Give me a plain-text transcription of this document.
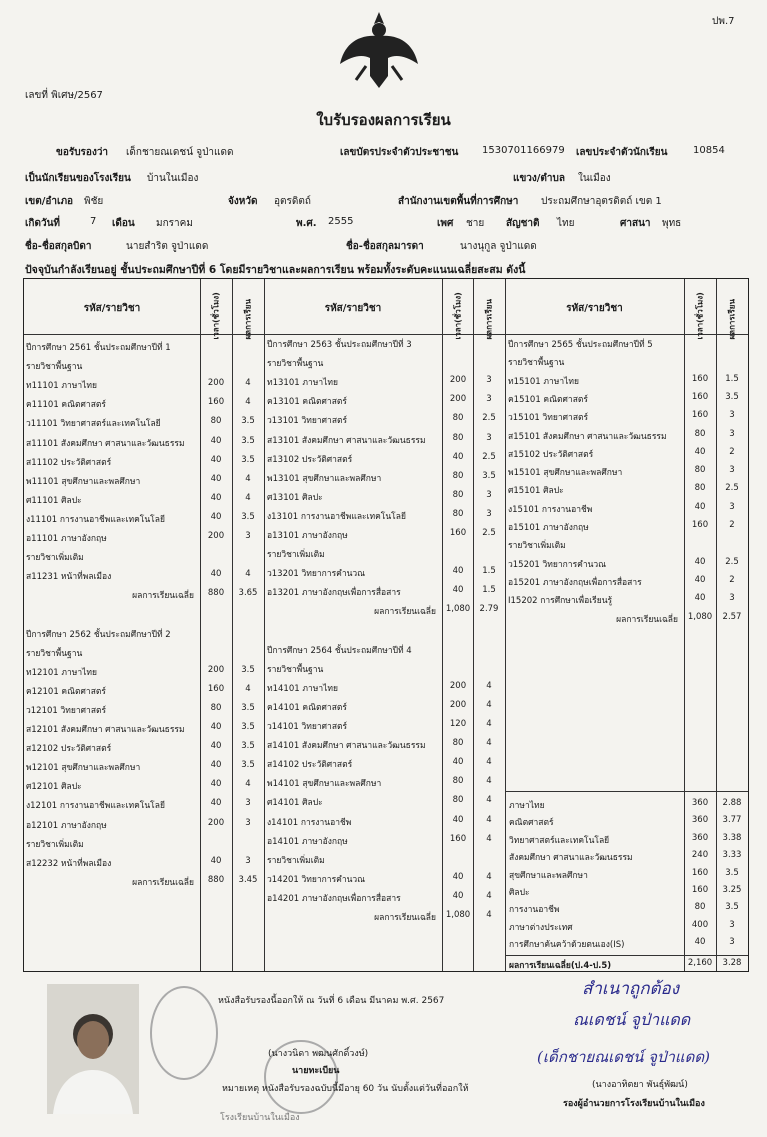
ปพ.7
เลขที่ พิเศษ/2567
ใบรับรองผลการเรียน
ขอรับรองว่า เด็กชายณเดชน์ จูป่าแดด	เลขบัตรประจำตัวประชาชน 1530701166979 เลขประจำตัวนักเรียน	10854
เป็นนักเรียนของโรงเรียน บ้านในเมือง	แขวง/ตำบล ในเมือง
เขต/อำเภอ พิชัย	จังหวัด อุตรดิตถ์	สำนักงานเขตพื้นที่การศึกษา ประถมศึกษาอุตรดิตถ์ เขต 1
เกิดวันที่	7 เดือน มกราคม	พ.ศ. 2555	เพศ ชาย สัญชาติ ไทย	ศาสนา พุทธ
ชื่อ-ชื่อสกุลบิดา	นายสำริต จูป่าแดด	ชื่อ-ชื่อสกุลมารดา	นางนุกูล จูป่าแดด
ปัจจุบันกำลังเรียนอยู่ ชั้นประถมศึกษาปีที่ 6 โดยมีรายวิชาและผลการเรียน พร้อมทั้งระดับคะแนนเฉลี่ยสะสม ดังนี้
รหัส/รายวิชา	เวลา(ชั่วโมง)	ผลการเรียน	รหัส/รายวิชา	เวลา(ชั่วโมง)	ผลการเรียน	รหัส/รายวิชา	เวลา(ชั่วโมง)	ผลการเรียน
ปีการศึกษา 2561 ชั้นประถมศึกษาปีที่ 1
รายวิชาพื้นฐาน
ท11101 ภาษาไทย	200	4
ค11101 คณิตศาสตร์	160	4
ว11101 วิทยาศาสตร์และเทคโนโลยี	80	3.5
ส11101 สังคมศึกษา ศาสนาและวัฒนธรรม	40	3.5
ส11102 ประวัติศาสตร์	40	3.5
พ11101 สุขศึกษาและพลศึกษา	40	4
ศ11101 ศิลปะ	40	4
ง11101 การงานอาชีพและเทคโนโลยี	40	3.5
อ11101 ภาษาอังกฤษ	200	3
รายวิชาเพิ่มเติม
ส11231 หน้าที่พลเมือง	40	4
ผลการเรียนเฉลี่ย	880	3.65
ปีการศึกษา 2562 ชั้นประถมศึกษาปีที่ 2
รายวิชาพื้นฐาน
ท12101 ภาษาไทย	200	3.5
ค12101 คณิตศาสตร์	160	4
ว12101 วิทยาศาสตร์	80	3.5
ส12101 สังคมศึกษา ศาสนาและวัฒนธรรม	40	3.5
ส12102 ประวัติศาสตร์	40	3.5
พ12101 สุขศึกษาและพลศึกษา	40	3.5
ศ12101 ศิลปะ	40	4
ง12101 การงานอาชีพและเทคโนโลยี	40	3
อ12101 ภาษาอังกฤษ	200	3
รายวิชาเพิ่มเติม
ส12232 หน้าที่พลเมือง	40	3
ผลการเรียนเฉลี่ย	880	3.45
ปีการศึกษา 2563 ชั้นประถมศึกษาปีที่ 3
รายวิชาพื้นฐาน
ท13101 ภาษาไทย	200	3
ค13101 คณิตศาสตร์	200	3
ว13101 วิทยาศาสตร์	80	2.5
ส13101 สังคมศึกษา ศาสนาและวัฒนธรรม	80	3
ส13102 ประวัติศาสตร์	40	2.5
พ13101 สุขศึกษาและพลศึกษา	80	3.5
ศ13101 ศิลปะ	80	3
ง13101 การงานอาชีพและเทคโนโลยี	80	3
อ13101 ภาษาอังกฤษ	160	2.5
รายวิชาเพิ่มเติม
ว13201 วิทยาการคำนวณ	40	1.5
อ13201 ภาษาอังกฤษเพื่อการสื่อสาร	40	1.5
ผลการเรียนเฉลี่ย	1,080	2.79
ปีการศึกษา 2564 ชั้นประถมศึกษาปีที่ 4
รายวิชาพื้นฐาน
ท14101 ภาษาไทย	200	4
ค14101 คณิตศาสตร์	200	4
ว14101 วิทยาศาสตร์	120	4
ส14101 สังคมศึกษา ศาสนาและวัฒนธรรม	80	4
ส14102 ประวัติศาสตร์	40	4
พ14101 สุขศึกษาและพลศึกษา	80	4
ศ14101 ศิลปะ	80	4
ง14101 การงานอาชีพ	40	4
อ14101 ภาษาอังกฤษ	160	4
รายวิชาเพิ่มเติม
ว14201 วิทยาการคำนวณ	40	4
อ14201 ภาษาอังกฤษเพื่อการสื่อสาร	40	4
ผลการเรียนเฉลี่ย	1,080	4
ปีการศึกษา 2565 ชั้นประถมศึกษาปีที่ 5
รายวิชาพื้นฐาน
ท15101 ภาษาไทย	160	1.5
ค15101 คณิตศาสตร์	160	3.5
ว15101 วิทยาศาสตร์	160	3
ส15101 สังคมศึกษา ศาสนาและวัฒนธรรม	80	3
ส15102 ประวัติศาสตร์	40	2
พ15101 สุขศึกษาและพลศึกษา	80	3
ศ15101 ศิลปะ	80	2.5
ง15101 การงานอาชีพ	40	3
อ15101 ภาษาอังกฤษ	160	2
รายวิชาเพิ่มเติม
ว15201 วิทยาการคำนวณ	40	2.5
อ15201 ภาษาอังกฤษเพื่อการสื่อสาร	40	2
I15202 การศึกษาเพื่อเรียนรู้	40	3
ผลการเรียนเฉลี่ย	1,080	2.57
ภาษาไทย	360	2.88
คณิตศาสตร์	360	3.77
วิทยาศาสตร์และเทคโนโลยี	360	3.38
สังคมศึกษา ศาสนาและวัฒนธรรม	240	3.33
สุขศึกษาและพลศึกษา	160	3.5
ศิลปะ	160	3.25
การงานอาชีพ	80	3.5
ภาษาต่างประเทศ	400	3
การศึกษาค้นคว้าด้วยตนเอง(IS)	40	3
ผลการเรียนเฉลี่ย(ป.4-ป.5)	2,160	3.28
หนังสือรับรองนี้ออกให้ ณ วันที่ 6 เดือน มีนาคม พ.ศ. 2567
(นางวนิดา พฒนศักดิ์วงษ์)
นายทะเบียน
หมายเหตุ หนังสือรับรองฉบับนี้มีอายุ 60 วัน นับตั้งแต่วันที่ออกให้
โรงเรียนบ้านในเมือง
สำเนาถูกต้อง
ณเดชน์ จูป่าแดด
(เด็กชายณเดชน์ จูป่าแดด)
(นางอาทิตยา พันธุ์พัฒน์)
รองผู้อำนวยการโรงเรียนบ้านในเมือง
